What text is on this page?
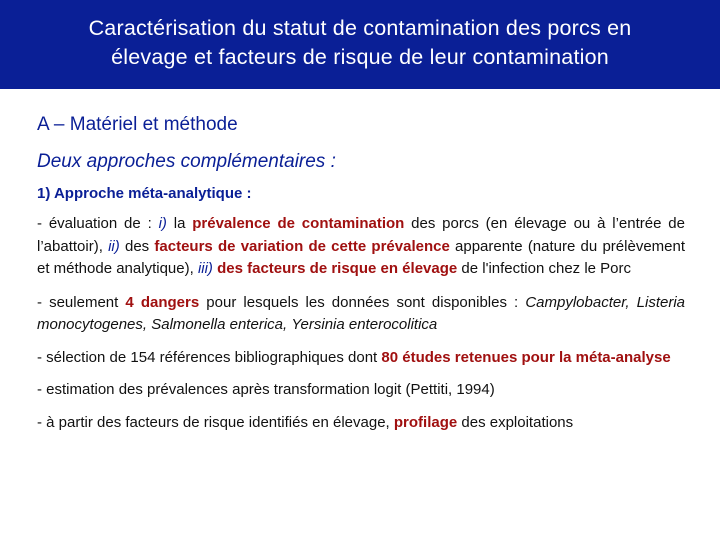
Caractérisation du statut de contamination des porcs en
élevage et facteurs de risque de leur contamination
A – Matériel et méthode
Deux approches complémentaires :
1) Approche méta-analytique :
- évaluation de : i) la prévalence de contamination des porcs (en élevage ou à l’entrée de l’abattoir), ii) des facteurs de variation de cette prévalence apparente (nature du prélèvement et méthode analytique), iii) des facteurs de risque en élevage de l'infection chez le Porc
- seulement 4 dangers pour lesquels les données sont disponibles : Campylobacter, Listeria monocytogenes, Salmonella enterica, Yersinia enterocolitica
- sélection de 154 références bibliographiques dont 80 études retenues pour la méta-analyse
- estimation des prévalences après transformation logit (Pettiti, 1994)
- à partir des facteurs de risque identifiés en élevage, profilage des exploitations
